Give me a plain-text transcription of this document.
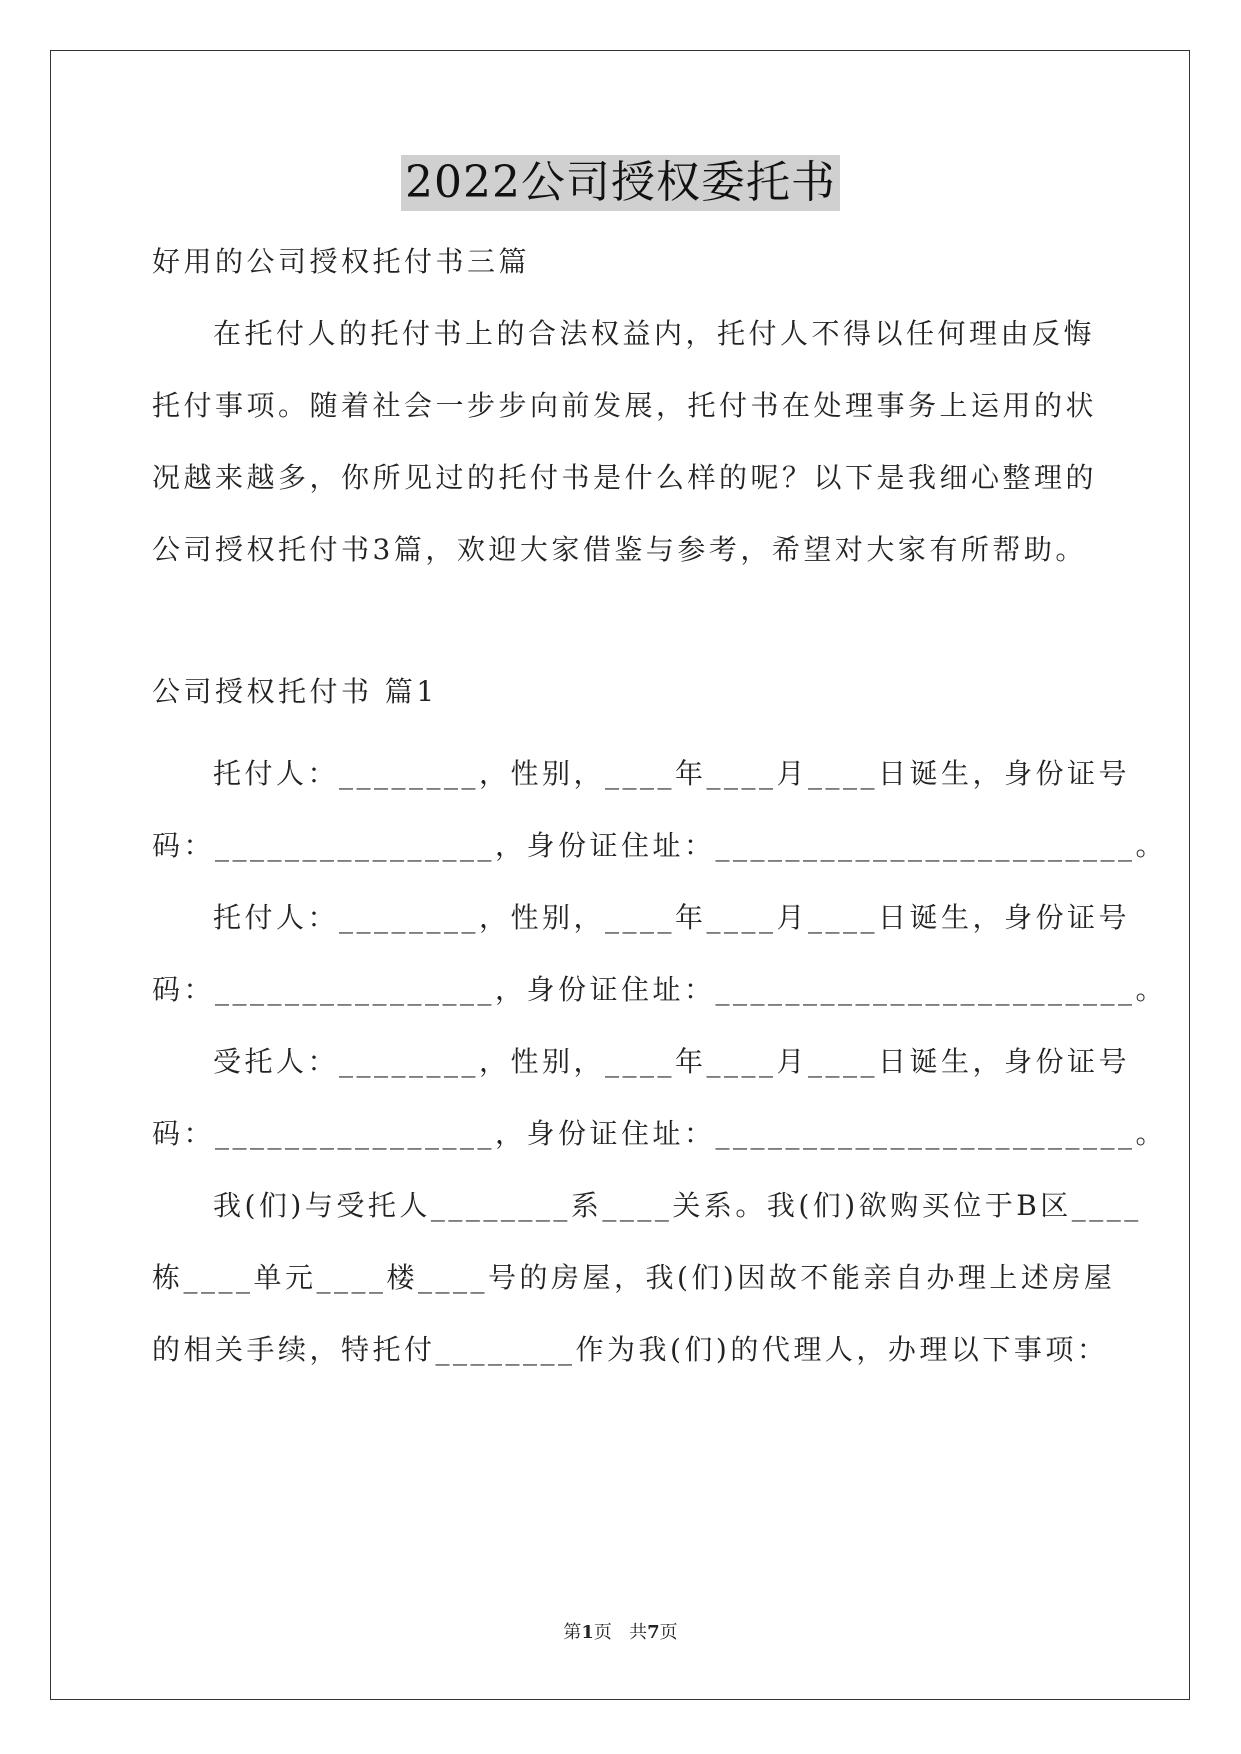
2022公司授权委托书
好用的公司授权托付书三篇
在托付人的托付书上的合法权益内，托付人不得以任何理由反悔
托付事项。随着社会一步步向前发展，托付书在处理事务上运用的状
况越来越多，你所见过的托付书是什么样的呢？以下是我细心整理的
公司授权托付书3篇，欢迎大家借鉴与参考，希望对大家有所帮助。
公司授权托付书 篇1
托付人：________，性别，____年____月____日诞生，身份证号
码：________________，身份证住址：________________________。
托付人：________，性别，____年____月____日诞生，身份证号
码：________________，身份证住址：________________________。
受托人：________，性别，____年____月____日诞生，身份证号
码：________________，身份证住址：________________________。
我(们)与受托人________系____关系。我(们)欲购买位于B区____
栋____单元____楼____号的房屋，我(们)因故不能亲自办理上述房屋
的相关手续，特托付________作为我(们)的代理人，办理以下事项：
第1页   共7页
